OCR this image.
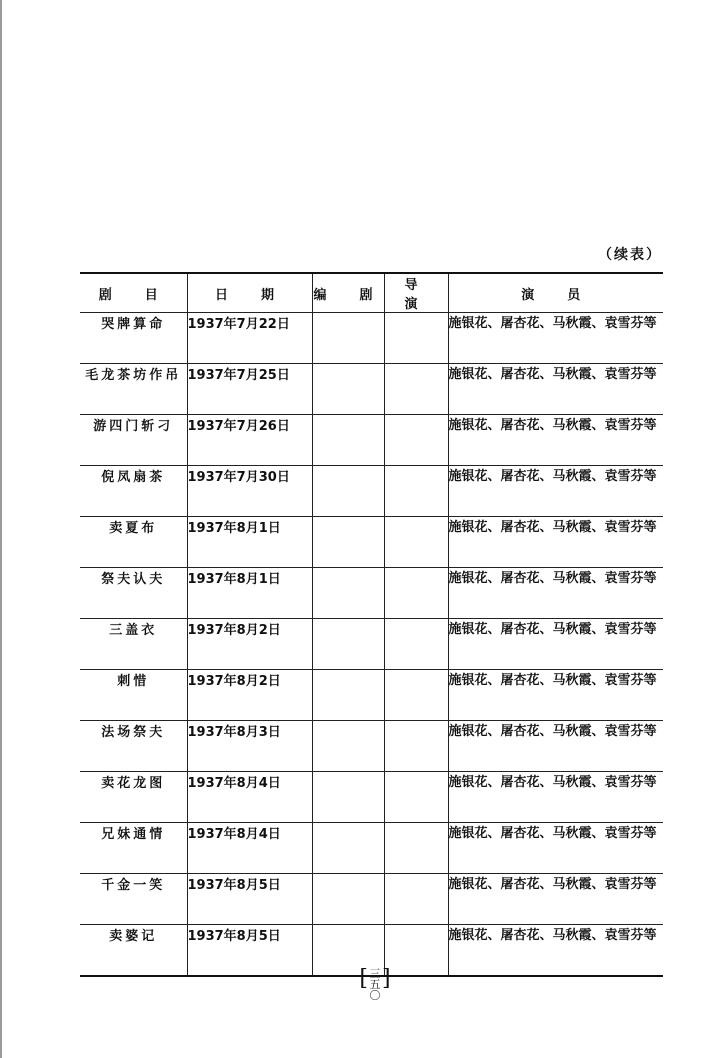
（续表）
剧　目	日　期	编　剧	导　演	演　员
哭牌算命	1937年7月22日			施银花、屠杏花、马秋霞、袁雪芬等
毛龙茶坊作吊	1937年7月25日			施银花、屠杏花、马秋霞、袁雪芬等
游四门斩刁	1937年7月26日			施银花、屠杏花、马秋霞、袁雪芬等
倪凤扇茶	1937年7月30日			施银花、屠杏花、马秋霞、袁雪芬等
卖夏布	1937年8月1日			施银花、屠杏花、马秋霞、袁雪芬等
祭夫认夫	1937年8月1日			施银花、屠杏花、马秋霞、袁雪芬等
三盖衣	1937年8月2日			施银花、屠杏花、马秋霞、袁雪芬等
刺惜	1937年8月2日			施银花、屠杏花、马秋霞、袁雪芬等
法场祭夫	1937年8月3日			施银花、屠杏花、马秋霞、袁雪芬等
卖花龙图	1937年8月4日			施银花、屠杏花、马秋霞、袁雪芬等
兄妹通情	1937年8月4日			施银花、屠杏花、马秋霞、袁雪芬等
千金一笑	1937年8月5日			施银花、屠杏花、马秋霞、袁雪芬等
卖婆记	1937年8月5日			施银花、屠杏花、马秋霞、袁雪芬等
[ 三五〇]
